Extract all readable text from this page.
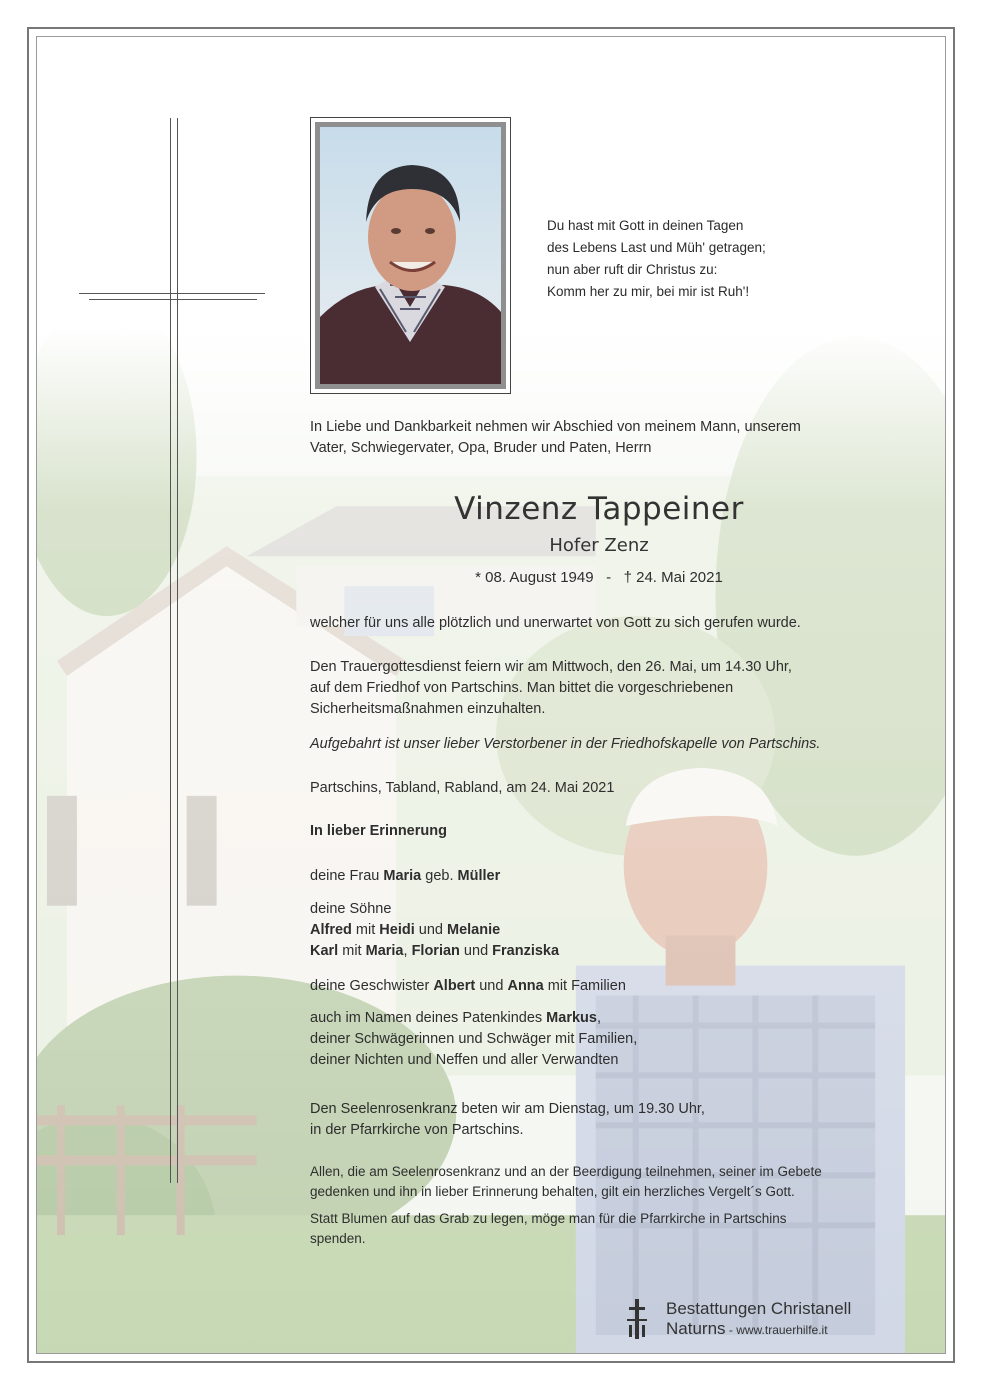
Du hast mit Gott in deinen Tagen
des Lebens Last und Müh' getragen;
nun aber ruft dir Christus zu:
Komm her zu mir, bei mir ist Ruh'!
In Liebe und Dankbarkeit nehmen wir Abschied von meinem Mann, unserem
Vater, Schwiegervater, Opa, Bruder und Paten, Herrn
Vinzenz Tappeiner
Hofer Zenz
* 08. August 1949   -   † 24. Mai 2021
welcher für uns alle plötzlich und unerwartet von Gott zu sich gerufen wurde.
Den Trauergottesdienst feiern wir am Mittwoch, den 26. Mai, um 14.30 Uhr,
auf dem Friedhof von Partschins. Man bittet die vorgeschriebenen
Sicherheitsmaßnahmen einzuhalten.
Aufgebahrt ist unser lieber Verstorbener in der Friedhofskapelle von Partschins.
Partschins, Tabland, Rabland, am 24. Mai 2021
In lieber Erinnerung
deine Frau Maria geb. Müller
deine Söhne
Alfred mit Heidi und Melanie
Karl mit Maria, Florian und Franziska
deine Geschwister Albert und Anna mit Familien
auch im Namen deines Patenkindes Markus,
deiner Schwägerinnen und Schwäger mit Familien,
deiner Nichten und Neffen und aller Verwandten
Den Seelenrosenkranz beten wir am Dienstag, um 19.30 Uhr,
in der Pfarrkirche von Partschins.
Allen, die am Seelenrosenkranz und an der Beerdigung teilnehmen, seiner im Gebete
gedenken und ihn in lieber Erinnerung behalten, gilt ein herzliches Vergelt´s Gott.
Statt Blumen auf das Grab zu legen, möge man für die Pfarrkirche in Partschins
spenden.
Bestattungen Christanell
Naturns - www.trauerhilfe.it
